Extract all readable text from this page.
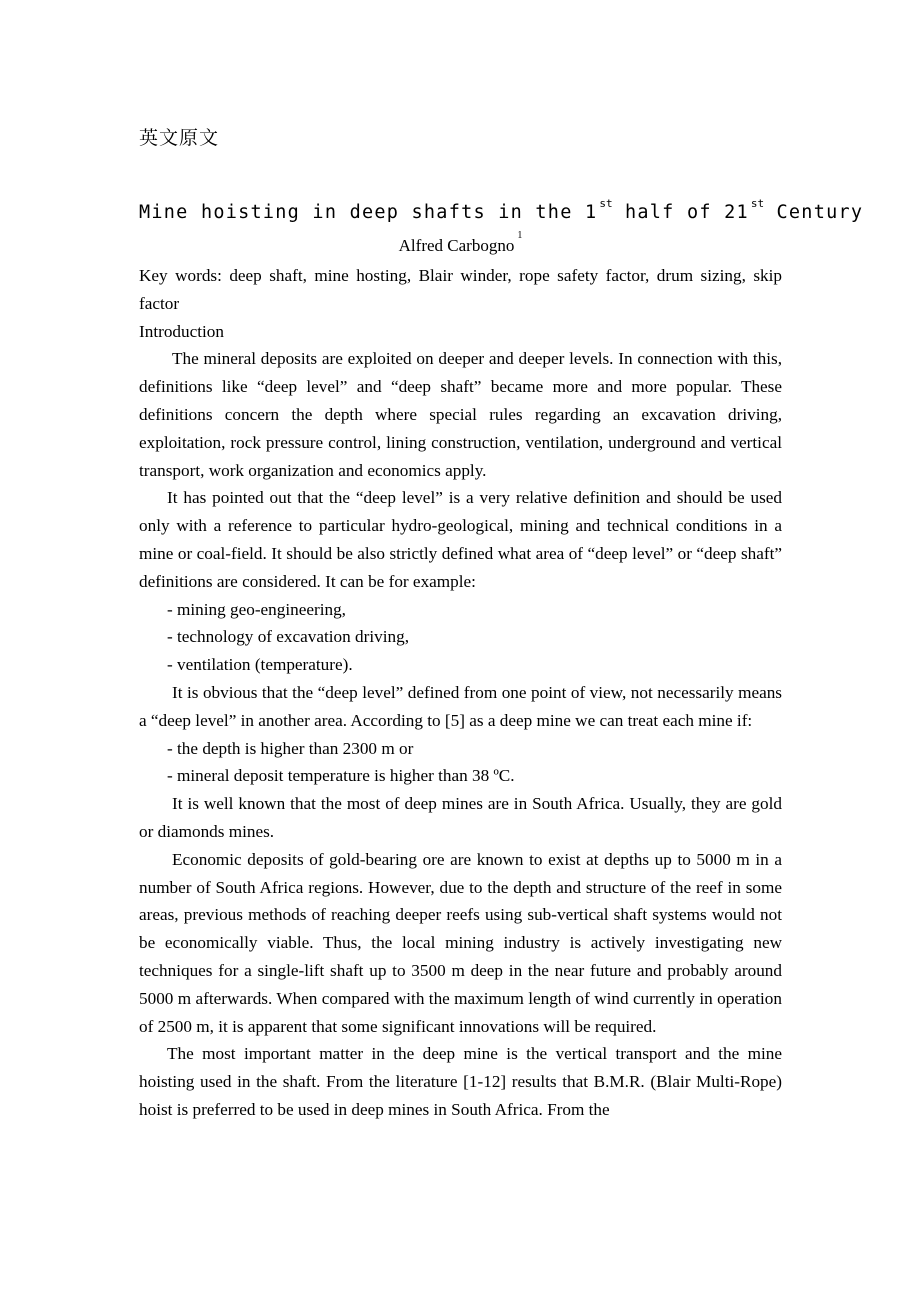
英文原文
Mine hoisting in deep shafts in the 1 $^{st}$ half of 21 $^{st}$ Century
Alfred Carbogno$^1$

Key words: deep shaft, mine hosting, Blair winder, rope safety factor, drum sizing, skip factor

Introduction

The mineral deposits are exploited on deeper and deeper levels. In connection with this, definitions like “deep level” and “deep shaft” became more and more popular. These definitions concern the depth where special rules regarding an excavation driving, exploitation, rock pressure control, lining construction, ventilation, underground and vertical transport, work organization and economics apply.

It has pointed out that the “deep level” is a very relative definition and should be used only with a reference to particular hydro-geological, mining and technical conditions in a mine or coal-field. It should be also strictly defined what area of “deep level” or “deep shaft” definitions are considered. It can be for example:

- mining geo-engineering,

- technology of excavation driving,

- ventilation (temperature).

It is obvious that the “deep level” defined from one point of view, not necessarily means a “deep level” in another area. According to [5] as a deep mine we can treat each mine if:

- the depth is higher than 2300 m or

- mineral deposit temperature is higher than 38 ºC.

It is well known that the most of deep mines are in South Africa. Usually, they are gold or diamonds mines.

Economic deposits of gold-bearing ore are known to exist at depths up to 5000 m in a number of South Africa regions. However, due to the depth and structure of the reef in some areas, previous methods of reaching deeper reefs using sub-vertical shaft systems would not be economically viable. Thus, the local mining industry is actively investigating new techniques for a single-lift shaft up to 3500 m deep in the near future and probably around 5000 m afterwards. When compared with the maximum length of wind currently in operation of 2500 m, it is apparent that some significant innovations will be required.

The most important matter in the deep mine is the vertical transport and the mine hoisting used in the shaft. From the literature [1-12] results that B.M.R. (Blair Multi-Rope) hoist is preferred to be used in deep mines in South Africa. From the
